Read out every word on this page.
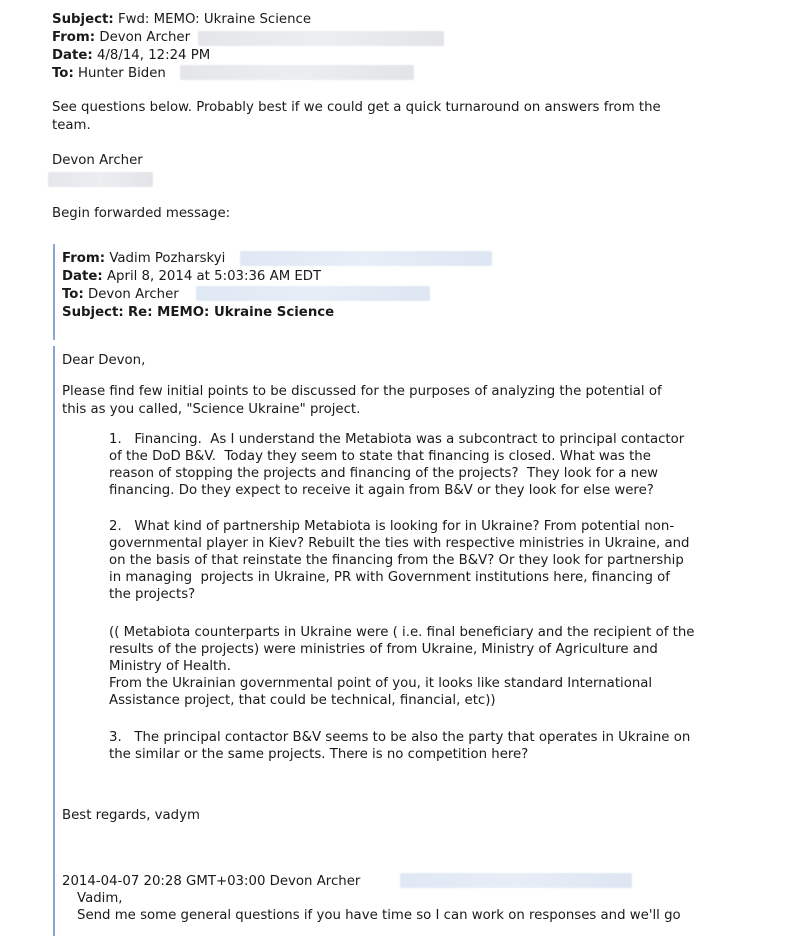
Subject: Fwd: MEMO: Ukraine Science
From: Devon Archer
Date: 4/8/14, 12:24 PM
To: Hunter Biden
See questions below. Probably best if we could get a quick turnaround on answers from the
team.
Devon Archer
Begin forwarded message:
From: Vadim Pozharskyi
Date: April 8, 2014 at 5:03:36 AM EDT
To: Devon Archer
Subject: Re: MEMO: Ukraine Science
Dear Devon,
Please find few initial points to be discussed for the purposes of analyzing the potential of
this as you called, "Science Ukraine" project.
1.   Financing.  As I understand the Metabiota was a subcontract to principal contactor
of the DoD B&V.  Today they seem to state that financing is closed. What was the
reason of stopping the projects and financing of the projects?  They look for a new
financing. Do they expect to receive it again from B&V or they look for else were?
2.   What kind of partnership Metabiota is looking for in Ukraine? From potential non-
governmental player in Kiev? Rebuilt the ties with respective ministries in Ukraine, and
on the basis of that reinstate the financing from the B&V? Or they look for partnership
in managing  projects in Ukraine, PR with Government institutions here, financing of
the projects?
(( Metabiota counterparts in Ukraine were ( i.e. final beneficiary and the recipient of the
results of the projects) were ministries of from Ukraine, Ministry of Agriculture and
Ministry of Health.
From the Ukrainian governmental point of you, it looks like standard International
Assistance project, that could be technical, financial, etc))
3.   The principal contactor B&V seems to be also the party that operates in Ukraine on
the similar or the same projects. There is no competition here?
Best regards, vadym
2014-04-07 20:28 GMT+03:00 Devon Archer
Vadim,
Send me some general questions if you have time so I can work on responses and we'll go
